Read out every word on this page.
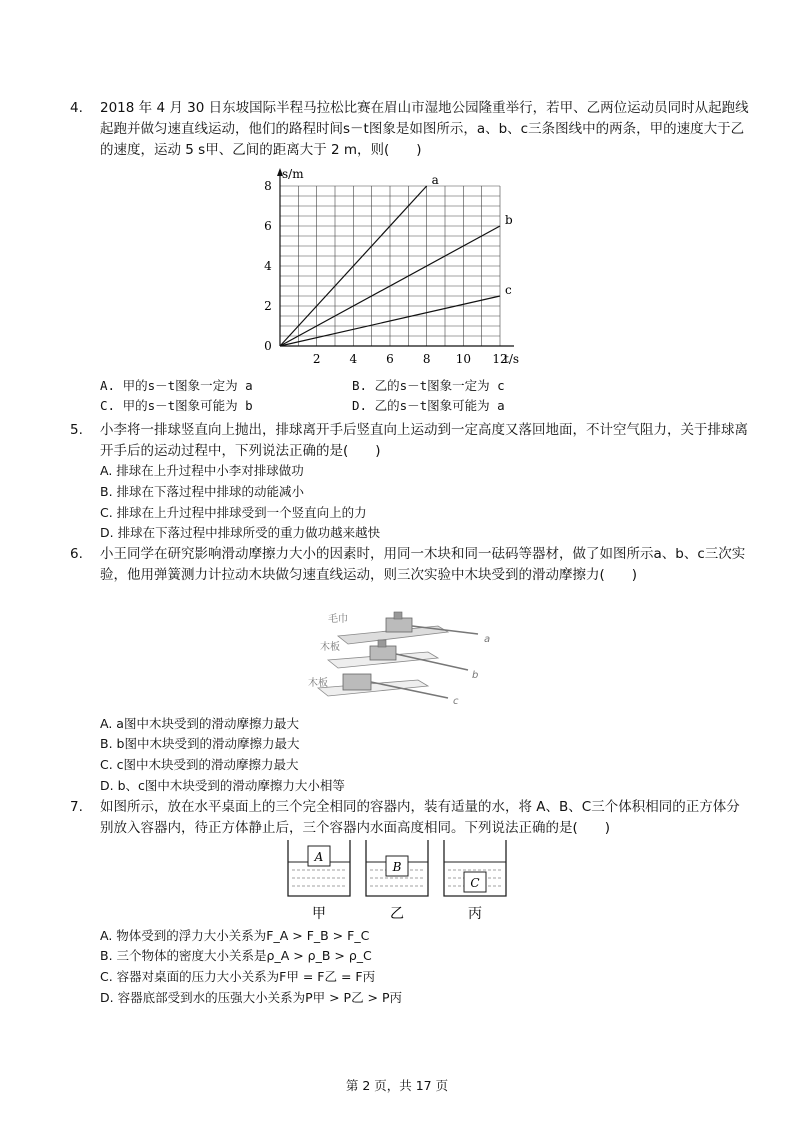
4. 2018 年 4 月 30 日东坡国际半程马拉松比赛在眉山市湿地公园隆重举行，若甲、乙两位运动员同时从起跑线起跑并做匀速直线运动，他们的路程时间s－t图象是如图所示，a、b、c三条图线中的两条，甲的速度大于乙的速度，运动 5 s甲、乙间的距离大于 2 m，则(　　)
0
2
4
6
8
2 4 6 8 10 12
s/m
t/s
a
b
c
A. 甲的s－t图象一定为 a	B. 乙的s－t图象一定为 c
C. 甲的s－t图象可能为 b	D. 乙的s－t图象可能为 a
5. 小李将一排球竖直向上抛出，排球离开手后竖直向上运动到一定高度又落回地面，不计空气阻力，关于排球离开手后的运动过程中，下列说法正确的是(　　)
A. 排球在上升过程中小李对排球做功
B. 排球在下落过程中排球的动能减小
C. 排球在上升过程中排球受到一个竖直向上的力
D. 排球在下落过程中排球所受的重力做功越来越快
6. 小王同学在研究影响滑动摩擦力大小的因素时，用同一木块和同一砝码等器材，做了如图所示a、b、c三次实验，他用弹簧测力计拉动木块做匀速直线运动，则三次实验中木块受到的滑动摩擦力(　　)
毛巾
木板
木板
a
b
c
A. a图中木块受到的滑动摩擦力最大
B. b图中木块受到的滑动摩擦力最大
C. c图中木块受到的滑动摩擦力最大
D. b、c图中木块受到的滑动摩擦力大小相等
7. 如图所示，放在水平桌面上的三个完全相同的容器内，装有适量的水，将 A、B、C三个体积相同的正方体分别放入容器内，待正方体静止后，三个容器内水面高度相同。下列说法正确的是(　　)
A
甲
B
乙
C
丙
A. 物体受到的浮力大小关系为F_A > F_B > F_C
B. 三个物体的密度大小关系是ρ_A > ρ_B > ρ_C
C. 容器对桌面的压力大小关系为F甲 = F乙 = F丙
D. 容器底部受到水的压强大小关系为P甲 > P乙 > P丙
第 2 页，共 17 页
